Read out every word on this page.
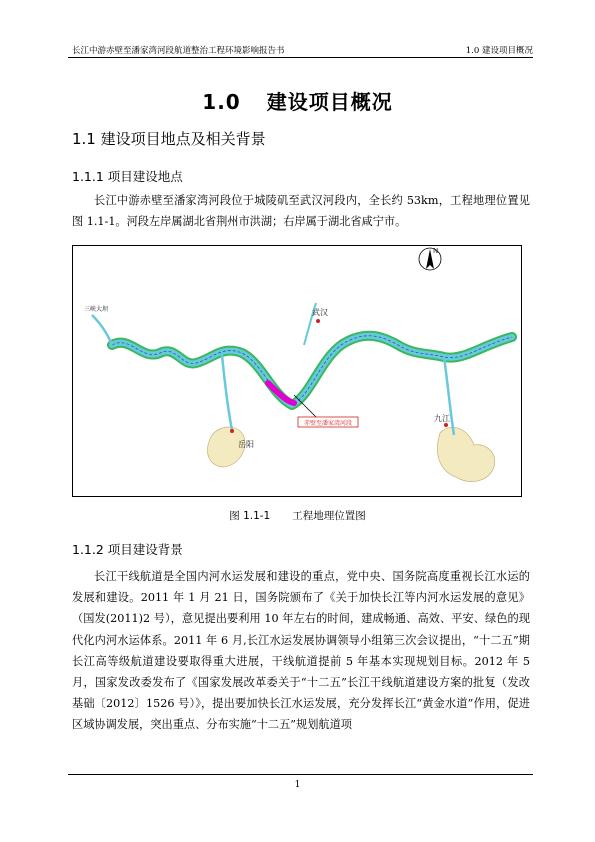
长江中游赤壁至潘家湾河段航道整治工程环境影响报告书	1.0 建设项目概况
1.0 建设项目概况
1.1 建设项目地点及相关背景
1.1.1 项目建设地点
长江中游赤壁至潘家湾河段位于城陵矶至武汉河段内，全长约 53km，工程地理位置见图 1.1-1。河段左岸属湖北省荆州市洪湖；右岸属于湖北省咸宁市。
赤壁至潘家湾河段
武汉
岳阳
九江
三峡大坝
N
图 1.1-1 工程地理位置图
1.1.2 项目建设背景
长江干线航道是全国内河水运发展和建设的重点，党中央、国务院高度重视长江水运的发展和建设。2011 年 1 月 21 日，国务院颁布了《关于加快长江等内河水运发展的意见》（国发(2011)2 号），意见提出要利用 10 年左右的时间，建成畅通、高效、平安、绿色的现代化内河水运体系。2011 年 6 月,长江水运发展协调领导小组第三次会议提出，“十二五”期长江高等级航道建设要取得重大进展，干线航道提前 5 年基本实现规划目标。2012 年 5 月，国家发改委发布了《国家发展改革委关于“十二五”长江干线航道建设方案的批复（发改基础〔2012〕1526 号）》，提出要加快长江水运发展，充分发挥长江“黄金水道”作用，促进区域协调发展，突出重点、分布实施“十二五”规划航道项
1
